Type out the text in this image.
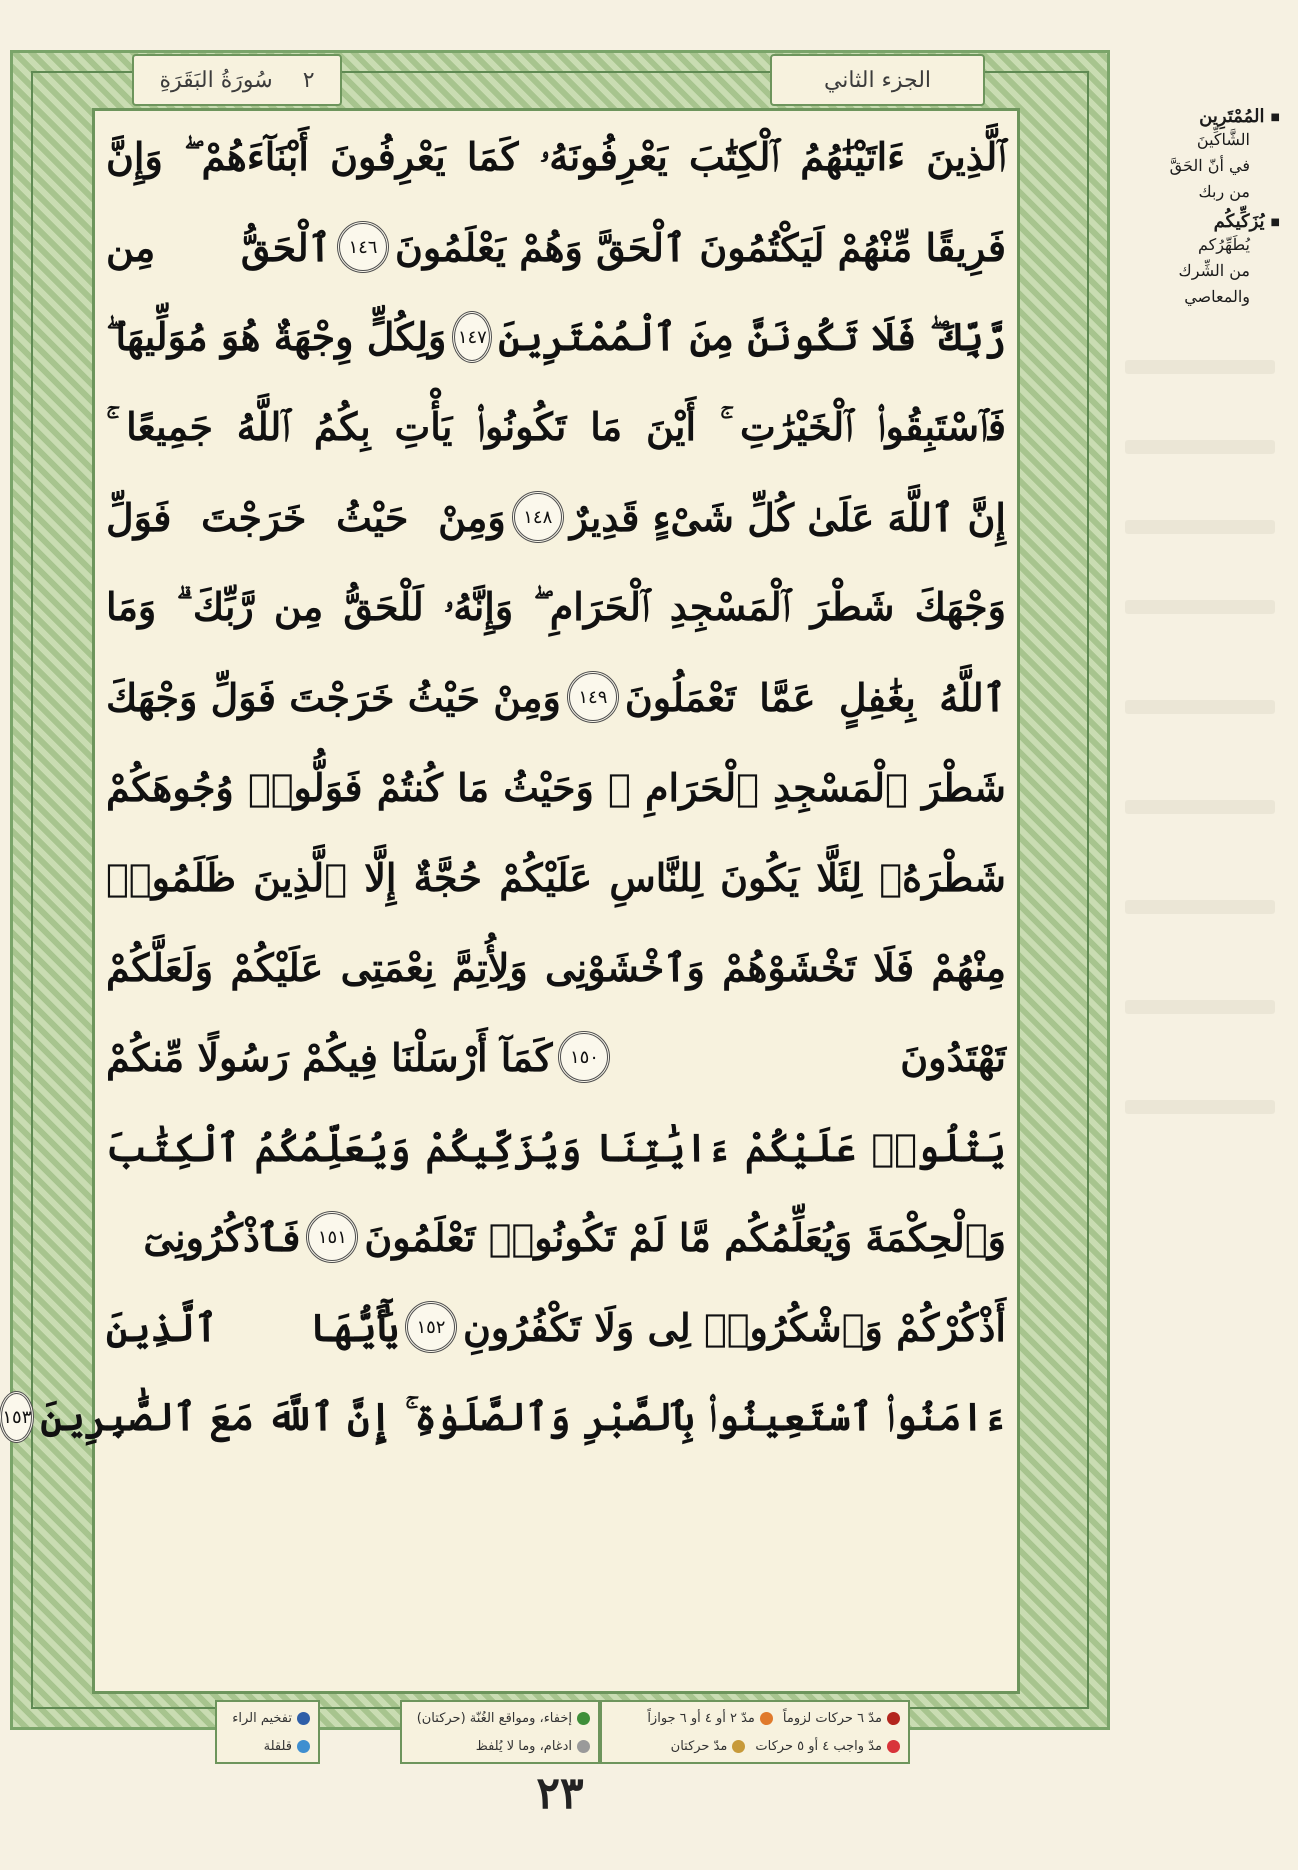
سُورَةُ البَقَرَةِ ٢	الجزء الثاني
ٱلَّذِينَ ءَاتَيْنَٰهُمُ ٱلْكِتَٰبَ يَعْرِفُونَهُۥ كَمَا يَعْرِفُونَ أَبْنَآءَهُمْ ۖ وَإِنَّ
فَرِيقًا مِّنْهُمْ لَيَكْتُمُونَ ٱلْحَقَّ وَهُمْ يَعْلَمُونَ
١٤٦
ٱلْحَقُّ مِن
رَّبِّكَ ۖ فَلَا تَكُونَنَّ مِنَ ٱلْمُمْتَرِينَ
١٤٧
وَلِكُلٍّ وِجْهَةٌ هُوَ مُوَلِّيهَا ۖ
فَٱسْتَبِقُوا۟ ٱلْخَيْرَٰتِ ۚ أَيْنَ مَا تَكُونُوا۟ يَأْتِ بِكُمُ ٱللَّهُ جَمِيعًا ۚ
إِنَّ ٱللَّهَ عَلَىٰ كُلِّ شَىْءٍ قَدِيرٌ
١٤٨
وَمِنْ حَيْثُ خَرَجْتَ فَوَلِّ
وَجْهَكَ شَطْرَ ٱلْمَسْجِدِ ٱلْحَرَامِ ۖ وَإِنَّهُۥ لَلْحَقُّ مِن رَّبِّكَ ۗ وَمَا
ٱللَّهُ بِغَٰفِلٍ عَمَّا تَعْمَلُونَ
١٤٩
وَمِنْ حَيْثُ خَرَجْتَ فَوَلِّ وَجْهَكَ
شَطْرَ ٱلْمَسْجِدِ ٱلْحَرَامِ ۚ وَحَيْثُ مَا كُنتُمْ فَوَلُّوا۟ وُجُوهَكُمْ
شَطْرَهُۥ لِئَلَّا يَكُونَ لِلنَّاسِ عَلَيْكُمْ حُجَّةٌ إِلَّا ٱلَّذِينَ ظَلَمُوا۟
مِنْهُمْ فَلَا تَخْشَوْهُمْ وَٱخْشَوْنِى وَلِأُتِمَّ نِعْمَتِى عَلَيْكُمْ وَلَعَلَّكُمْ
تَهْتَدُونَ
١٥٠
كَمَآ أَرْسَلْنَا فِيكُمْ رَسُولًا مِّنكُمْ
يَتْلُوا۟ عَلَيْكُمْ ءَايَٰتِنَا وَيُزَكِّيكُمْ وَيُعَلِّمُكُمُ ٱلْكِتَٰبَ
وَٱلْحِكْمَةَ وَيُعَلِّمُكُم مَّا لَمْ تَكُونُوا۟ تَعْلَمُونَ
١٥١
فَٱذْكُرُونِىٓ
أَذْكُرْكُمْ وَٱشْكُرُوا۟ لِى وَلَا تَكْفُرُونِ
١٥٢
يَٰٓأَيُّهَا ٱلَّذِينَ
ءَامَنُوا۟ ٱسْتَعِينُوا۟ بِٱلصَّبْرِ وَٱلصَّلَوٰةِ ۚ إِنَّ ٱللَّهَ مَعَ ٱلصَّٰبِرِينَ
١٥٣
■ المُمْتَرِين
الشَّاكِّينَ
في أنّ الحَقَّ
من ربك
■ يُزَكِّيكُم
يُطَهِّرُكم
من الشِّرك
والمعاصي
مدّ ٦ حركات لزوماً
مدّ ٢ أو ٤ أو ٦ جوازاً
مدّ واجب ٤ أو ٥ حركات
مدّ حركتان
إخفاء، ومواقع الغُنّة (حركتان)
ادغام، وما لا يُلفظ
تفخيم الراء
قلقلة
٢٣
